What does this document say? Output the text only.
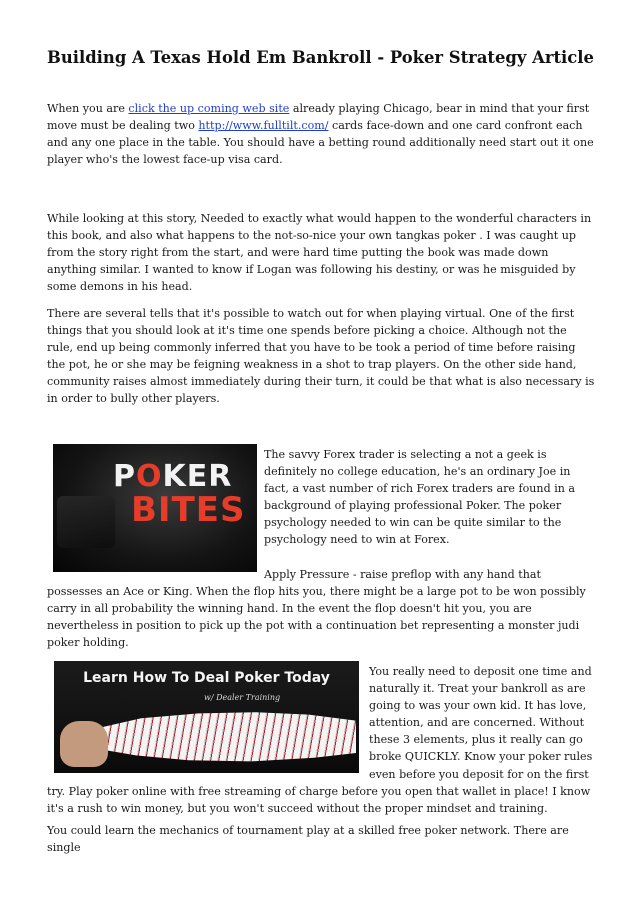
Building A Texas Hold Em Bankroll - Poker Strategy Article

When you are click the up coming web site already playing Chicago, bear in mind that your first move must be dealing two http://www.fulltilt.com/ cards face-down and one card confront each and any one place in the table. You should have a betting round additionally need start out it one player who's the lowest face-up visa card.

While looking at this story, Needed to exactly what would happen to the wonderful characters in this book, and also what happens to the not-so-nice your own tangkas poker . I was caught up from the story right from the start, and were hard time putting the book was made down anything similar. I wanted to know if Logan was following his destiny, or was he misguided by some demons in his head.

There are several tells that it's possible to watch out for when playing virtual. One of the first things that you should look at it's time one spends before picking a choice. Although not the rule, end up being commonly inferred that you have to be took a period of time before raising the pot, he or she may be feigning weakness in a shot to trap players. On the other side hand, community raises almost immediately during their turn, it could be that what is also necessary is in order to bully other players.

POKER
BITES
The savvy Forex trader is selecting a not a geek is definitely no college education, he's an ordinary Joe in fact, a vast number of rich Forex traders are found in a background of playing professional Poker. The poker psychology needed to win can be quite similar to the psychology need to win at Forex.

Apply Pressure - raise preflop with any hand that possesses an Ace or King. When the flop hits you, there might be a large pot to be won possibly carry in all probability the winning hand. In the event the flop doesn't hit you, you are nevertheless in position to pick up the pot with a continuation bet representing a monster judi poker holding.
Learn How To Deal Poker Today
w/ Dealer Training
You really need to deposit one time and naturally it. Treat your bankroll as are going to was your own kid. It has love, attention, and are concerned. Without these 3 elements, plus it really can go broke QUICKLY. Know your poker rules even before you deposit for on the first try. Play poker online with free streaming of charge before you open that wallet in place! I know it's a rush to win money, but you won't succeed without the proper mindset and training.

You could learn the mechanics of tournament play at a skilled free poker network. There are single
